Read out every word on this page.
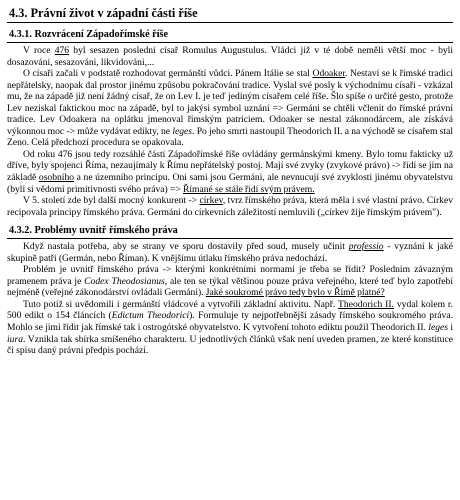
4.3. Právní život v západní části říše
4.3.1. Rozvrácení Západořímské říše

V roce 476 byl sesazen poslední císař Romulus Augustulus. Vládci již v té době neměli větší moc - byli dosazováni, sesazováni, likvidováni,...

O císaři začali v podstatě rozhodovat germánští vůdci. Pánem Itálie se stal Odoaker. Nestaví se k římské tradici nepřátelsky, naopak dal prostor jinému způsobu pokračování tradice. Vyslal své posly k východnímu císaři - vzkázal mu, že na západě již není žádný císař, že on Lev I. je teď jediným císařem celé říše. Šlo spíše o určité gesto, protože Lev neziskal faktickou moc na západě, byl to jakýsi symbol uznání => Germáni se chtěli včlenit do římské právní tradice. Lev Odoakera na oplátku jmenoval římským patriciem. Odoaker se nestal zákonodárcem, ale získává výkonnou moc -> může vydávat edikty, ne leges. Po jeho smrti nastoupil Theodorich II. a na východě se císařem stal Zeno. Celá předchozí procedura se opakovala.

Od roku 476 jsou tedy rozsáhlé části Západořímské říše ovládány germánskými kmeny. Bylo tomu fakticky už dříve, byly spojenci Říma, nezaujímaly k Římu nepřátelský postoj. Mají své zvyky (zvykové právo) -> řídí se jím na základě osobního a ne územního principu. Oni sami jsou Germáni, ale nevnucují své zvyklosti jinému obyvatelstvu (byli si vědomi primitivnosti svého práva) => Římané se stále řídí svým právem.

V 5. století zde byl další mocný konkurent -> církev, tvrz římského práva, která měla i své vlastní právo. Církev recipovala principy římského práva. Germáni do církevních záležitostí nemluvili („církev žije římským právem").

4.3.2. Problémy uvnitř římského práva

Když nastala potřeba, aby se strany ve sporu dostavily před soud, musely učinit professio - vyznání k jaké skupině patří (Germán, nebo Říman). K vnějšímu útlaku římského práva nedochází.

Problém je uvnitř římského práva -> kterými konkrétními normami je třeba se řídit? Posledním závazným pramenem práva je Codex Theodosianus, ale ten se týkal většinou pouze práva veřejného, které teď bylo zapotřebí nejméně (veřejné zákonodárství ovládali Germáni). Jaké soukromé právo tedy bylo v Římě platné?

Tuto potíž si uvědomili i germánští vládcové a vytvořili základní aktivitu. Např. Theodorich II. vydal kolem r. 500 edikt o 154 článcích (Edictum Theodorici). Formuluje ty nejpotřebnější zásady římského soukromého práva. Mohlo se jimi řídit jak římské tak i ostrogótské obyvatelstvo. K vytvoření tohoto ediktu použil Theodorich II. leges i iura. Vznikla tak sbírka smíšeného charakteru. U jednotlivých článků však není uveden pramen, ze které konstituce či spisu daný právní předpis pochází.
